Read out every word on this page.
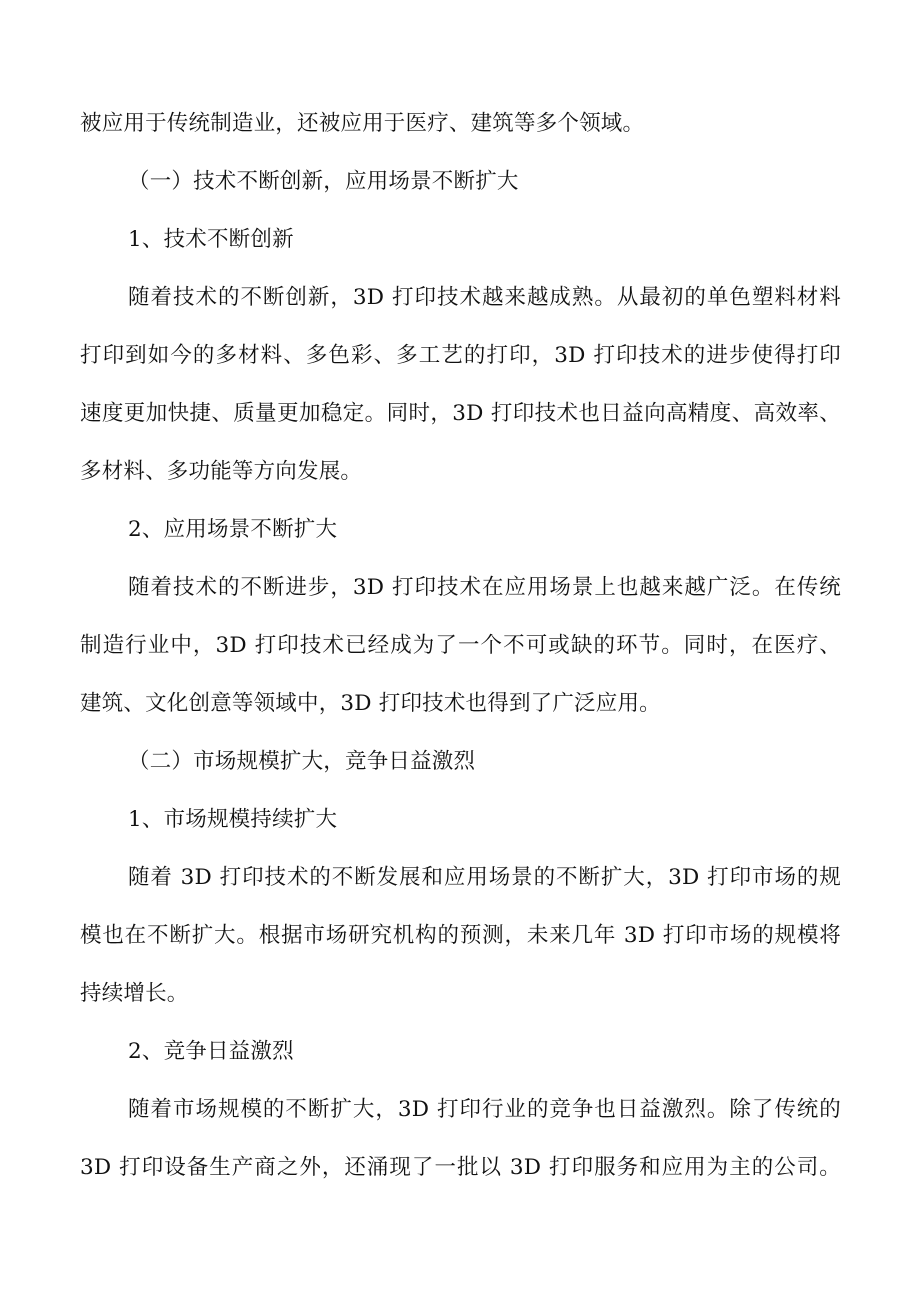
被应用于传统制造业，还被应用于医疗、建筑等多个领域。
（一）技术不断创新，应用场景不断扩大
1、技术不断创新
随着技术的不断创新，3D 打印技术越来越成熟。从最初的单色塑料材料
打印到如今的多材料、多色彩、多工艺的打印，3D 打印技术的进步使得打印
速度更加快捷、质量更加稳定。同时，3D 打印技术也日益向高精度、高效率、
多材料、多功能等方向发展。
2、应用场景不断扩大
随着技术的不断进步，3D 打印技术在应用场景上也越来越广泛。在传统
制造行业中，3D 打印技术已经成为了一个不可或缺的环节。同时，在医疗、
建筑、文化创意等领域中，3D 打印技术也得到了广泛应用。
（二）市场规模扩大，竞争日益激烈
1、市场规模持续扩大
随着 3D 打印技术的不断发展和应用场景的不断扩大，3D 打印市场的规
模也在不断扩大。根据市场研究机构的预测，未来几年 3D 打印市场的规模将
持续增长。
2、竞争日益激烈
随着市场规模的不断扩大，3D 打印行业的竞争也日益激烈。除了传统的
3D 打印设备生产商之外，还涌现了一批以 3D 打印服务和应用为主的公司。
